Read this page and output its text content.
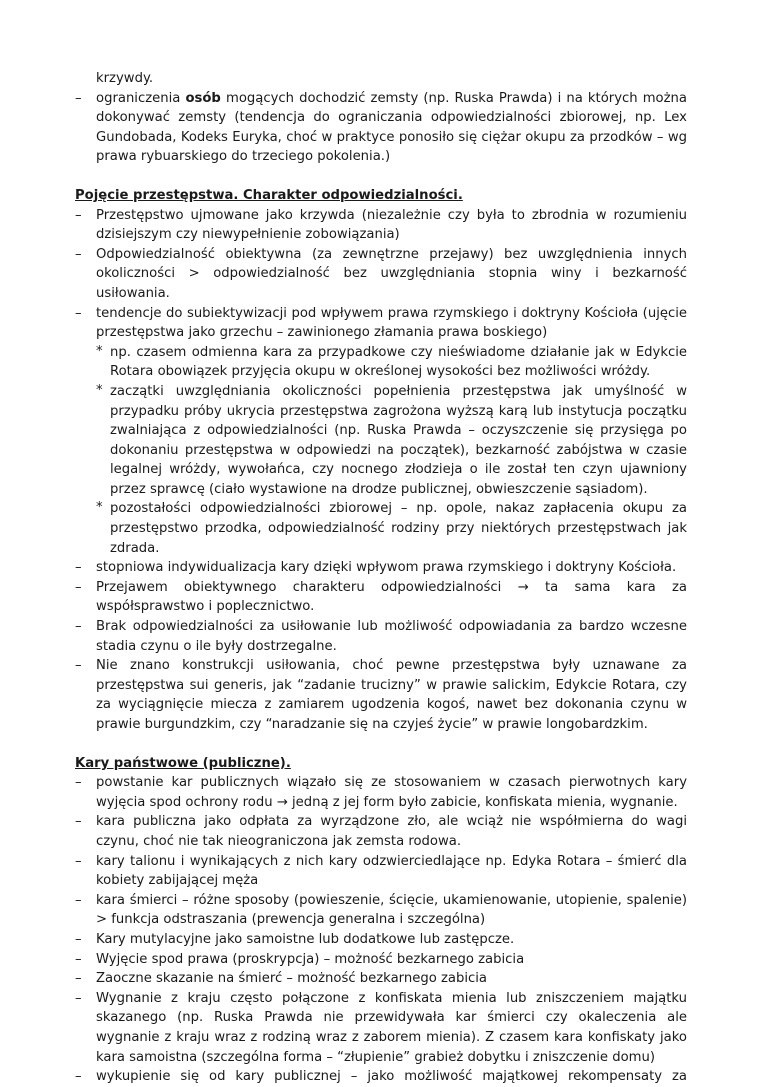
krzywdy.
–	ograniczenia osób mogących dochodzić zemsty (np. Ruska Prawda) i na których można dokonywać zemsty (tendencja do ograniczania odpowiedzialności zbiorowej, np. Lex Gundobada, Kodeks Euryka, choć w praktyce ponosiło się ciężar okupu za przodków – wg prawa rybuarskiego do trzeciego pokolenia.)
Pojęcie przestępstwa. Charakter odpowiedzialności.
–	Przestępstwo ujmowane jako krzywda (niezależnie czy była to zbrodnia w rozumieniu dzisiejszym czy niewypełnienie zobowiązania)
–	Odpowiedzialność obiektywna (za zewnętrzne przejawy) bez uwzględnienia innych okoliczności > odpowiedzialność bez uwzględniania stopnia winy i bezkarność usiłowania.
–	tendencje do subiektywizacji pod wpływem prawa rzymskiego i doktryny Kościoła (ujęcie przestępstwa jako grzechu – zawinionego złamania prawa boskiego)
* np. czasem odmienna kara za przypadkowe czy nieświadome działanie jak w Edykcie Rotara obowiązek przyjęcia okupu w określonej wysokości bez możliwości wróżdy.
* zaczątki uwzględniania okoliczności popełnienia przestępstwa jak umyślność w przypadku próby ukrycia przestępstwa zagrożona wyższą karą lub instytucja początku zwalniająca z odpowiedzialności (np. Ruska Prawda – oczyszczenie się przysięga po dokonaniu przestępstwa w odpowiedzi na początek), bezkarność zabójstwa w czasie legalnej wróżdy, wywołańca, czy nocnego złodzieja o ile został ten czyn ujawniony przez sprawcę (ciało wystawione na drodze publicznej, obwieszczenie sąsiadom).
* pozostałości odpowiedzialności zbiorowej – np. opole, nakaz zapłacenia okupu za przestępstwo przodka, odpowiedzialność rodziny przy niektórych przestępstwach jak zdrada.
–	stopniowa indywidualizacja kary dzięki wpływom prawa rzymskiego i doktryny Kościoła.
–	Przejawem obiektywnego charakteru odpowiedzialności → ta sama kara za współsprawstwo i poplecznictwo.
–	Brak odpowiedzialności za usiłowanie lub możliwość odpowiadania za bardzo wczesne stadia czynu o ile były dostrzegalne.
–	Nie znano konstrukcji usiłowania, choć pewne przestępstwa były uznawane za przestępstwa sui generis, jak “zadanie trucizny” w prawie salickim, Edykcie Rotara, czy za wyciągnięcie miecza z zamiarem ugodzenia kogoś, nawet bez dokonania czynu w prawie burgundzkim, czy “naradzanie się na czyjeś życie” w prawie longobardzkim.
Kary państwowe (publiczne).
–	powstanie kar publicznych wiązało się ze stosowaniem w czasach pierwotnych kary wyjęcia spod ochrony rodu → jedną z jej form było zabicie, konfiskata mienia, wygnanie.
–	kara publiczna jako odpłata za wyrządzone zło, ale wciąż nie współmierna do wagi czynu, choć nie tak nieograniczona jak zemsta rodowa.
–	kary talionu i wynikających z nich kary odzwierciedlające np. Edyka Rotara – śmierć dla kobiety zabijającej męża
–	kara śmierci – różne sposoby (powieszenie, ścięcie, ukamienowanie, utopienie, spalenie) > funkcja odstraszania (prewencja generalna i szczególna)
–	Kary mutylacyjne jako samoistne lub dodatkowe lub zastępcze.
–	Wyjęcie spod prawa (proskrypcja) – możność bezkarnego zabicia
–	Zaoczne skazanie na śmierć – możność bezkarnego zabicia
–	Wygnanie z kraju często połączone z konfiskata mienia lub zniszczeniem majątku skazanego (np. Ruska Prawda nie przewidywała kar śmierci czy okaleczenia ale wygnanie z kraju wraz z rodziną wraz z zaborem mienia). Z czasem kara konfiskaty jako kara samoistna (szczególna forma – “złupienie” grabież dobytku i zniszczenie domu)
–	wykupienie się od kary publicznej – jako możliwość majątkowej rekompensaty za
